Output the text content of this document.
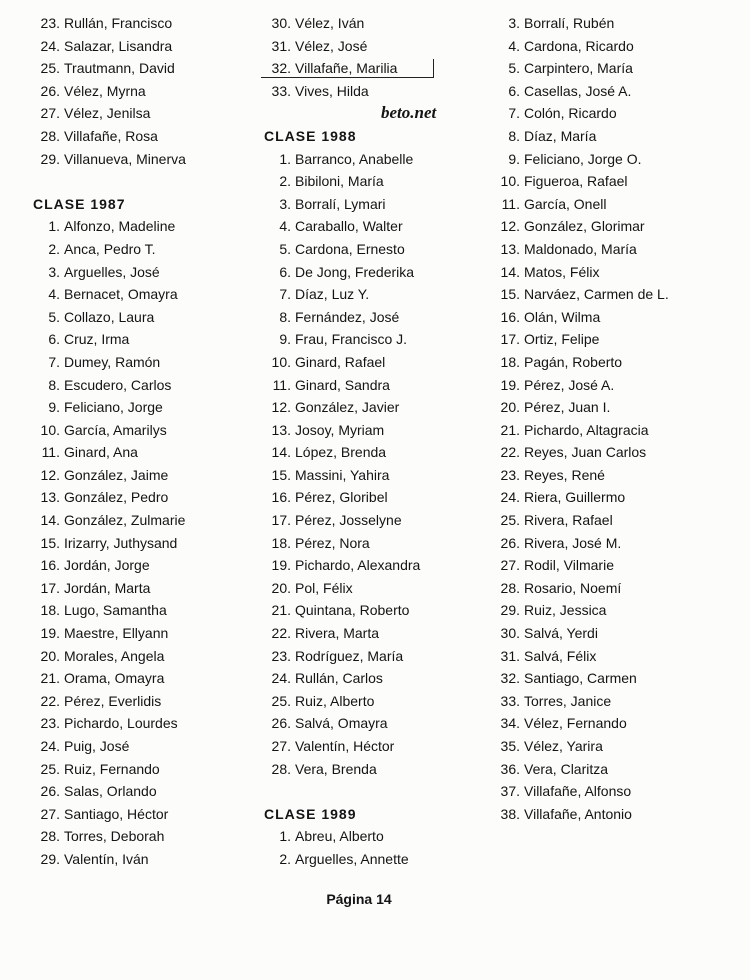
23. Rullán, Francisco
24. Salazar, Lisandra
25. Trautmann, David
26. Vélez, Myrna
27. Vélez, Jenilsa
28. Villafañe, Rosa
29. Villanueva, Minerva
CLASE 1987
1. Alfonzo, Madeline
2. Anca, Pedro T.
3. Arguelles, José
4. Bernacet, Omayra
5. Collazo, Laura
6. Cruz, Irma
7. Dumey, Ramón
8. Escudero, Carlos
9. Feliciano, Jorge
10. García, Amarilys
11. Ginard, Ana
12. González, Jaime
13. González, Pedro
14. González, Zulmarie
15. Irizarry, Juthysand
16. Jordán, Jorge
17. Jordán, Marta
18. Lugo, Samantha
19. Maestre, Ellyann
20. Morales, Angela
21. Orama, Omayra
22. Pérez, Everlidis
23. Pichardo, Lourdes
24. Puig, José
25. Ruiz, Fernando
26. Salas, Orlando
27. Santiago, Héctor
28. Torres, Deborah
29. Valentín, Iván
30. Vélez, Iván
31. Vélez, José
32. Villafañe, Marilia
33. Vives, Hilda
beto.net
CLASE 1988
1. Barranco, Anabelle
2. Bibiloni, María
3. Borralí, Lymari
4. Caraballo, Walter
5. Cardona, Ernesto
6. De Jong, Frederika
7. Díaz, Luz Y.
8. Fernández, José
9. Frau, Francisco J.
10. Ginard, Rafael
11. Ginard, Sandra
12. González, Javier
13. Josoy, Myriam
14. López, Brenda
15. Massini, Yahira
16. Pérez, Gloribel
17. Pérez, Josselyne
18. Pérez, Nora
19. Pichardo, Alexandra
20. Pol, Félix
21. Quintana, Roberto
22. Rivera, Marta
23. Rodríguez, María
24. Rullán, Carlos
25. Ruiz, Alberto
26. Salvá, Omayra
27. Valentín, Héctor
28. Vera, Brenda
CLASE 1989
1. Abreu, Alberto
2. Arguelles, Annette
3. Borralí, Rubén
4. Cardona, Ricardo
5. Carpintero, María
6. Casellas, José A.
7. Colón, Ricardo
8. Díaz, María
9. Feliciano, Jorge O.
10. Figueroa, Rafael
11. García, Onell
12. González, Glorimar
13. Maldonado, María
14. Matos, Félix
15. Narváez, Carmen de L.
16. Olán, Wilma
17. Ortiz, Felipe
18. Pagán, Roberto
19. Pérez, José A.
20. Pérez, Juan I.
21. Pichardo, Altagracia
22. Reyes, Juan Carlos
23. Reyes, René
24. Riera, Guillermo
25. Rivera, Rafael
26. Rivera, José M.
27. Rodil, Vilmarie
28. Rosario, Noemí
29. Ruiz, Jessica
30. Salvá, Yerdi
31. Salvá, Félix
32. Santiago, Carmen
33. Torres, Janice
34. Vélez, Fernando
35. Vélez, Yarira
36. Vera, Claritza
37. Villafañe, Alfonso
38. Villafañe, Antonio
Página 14
